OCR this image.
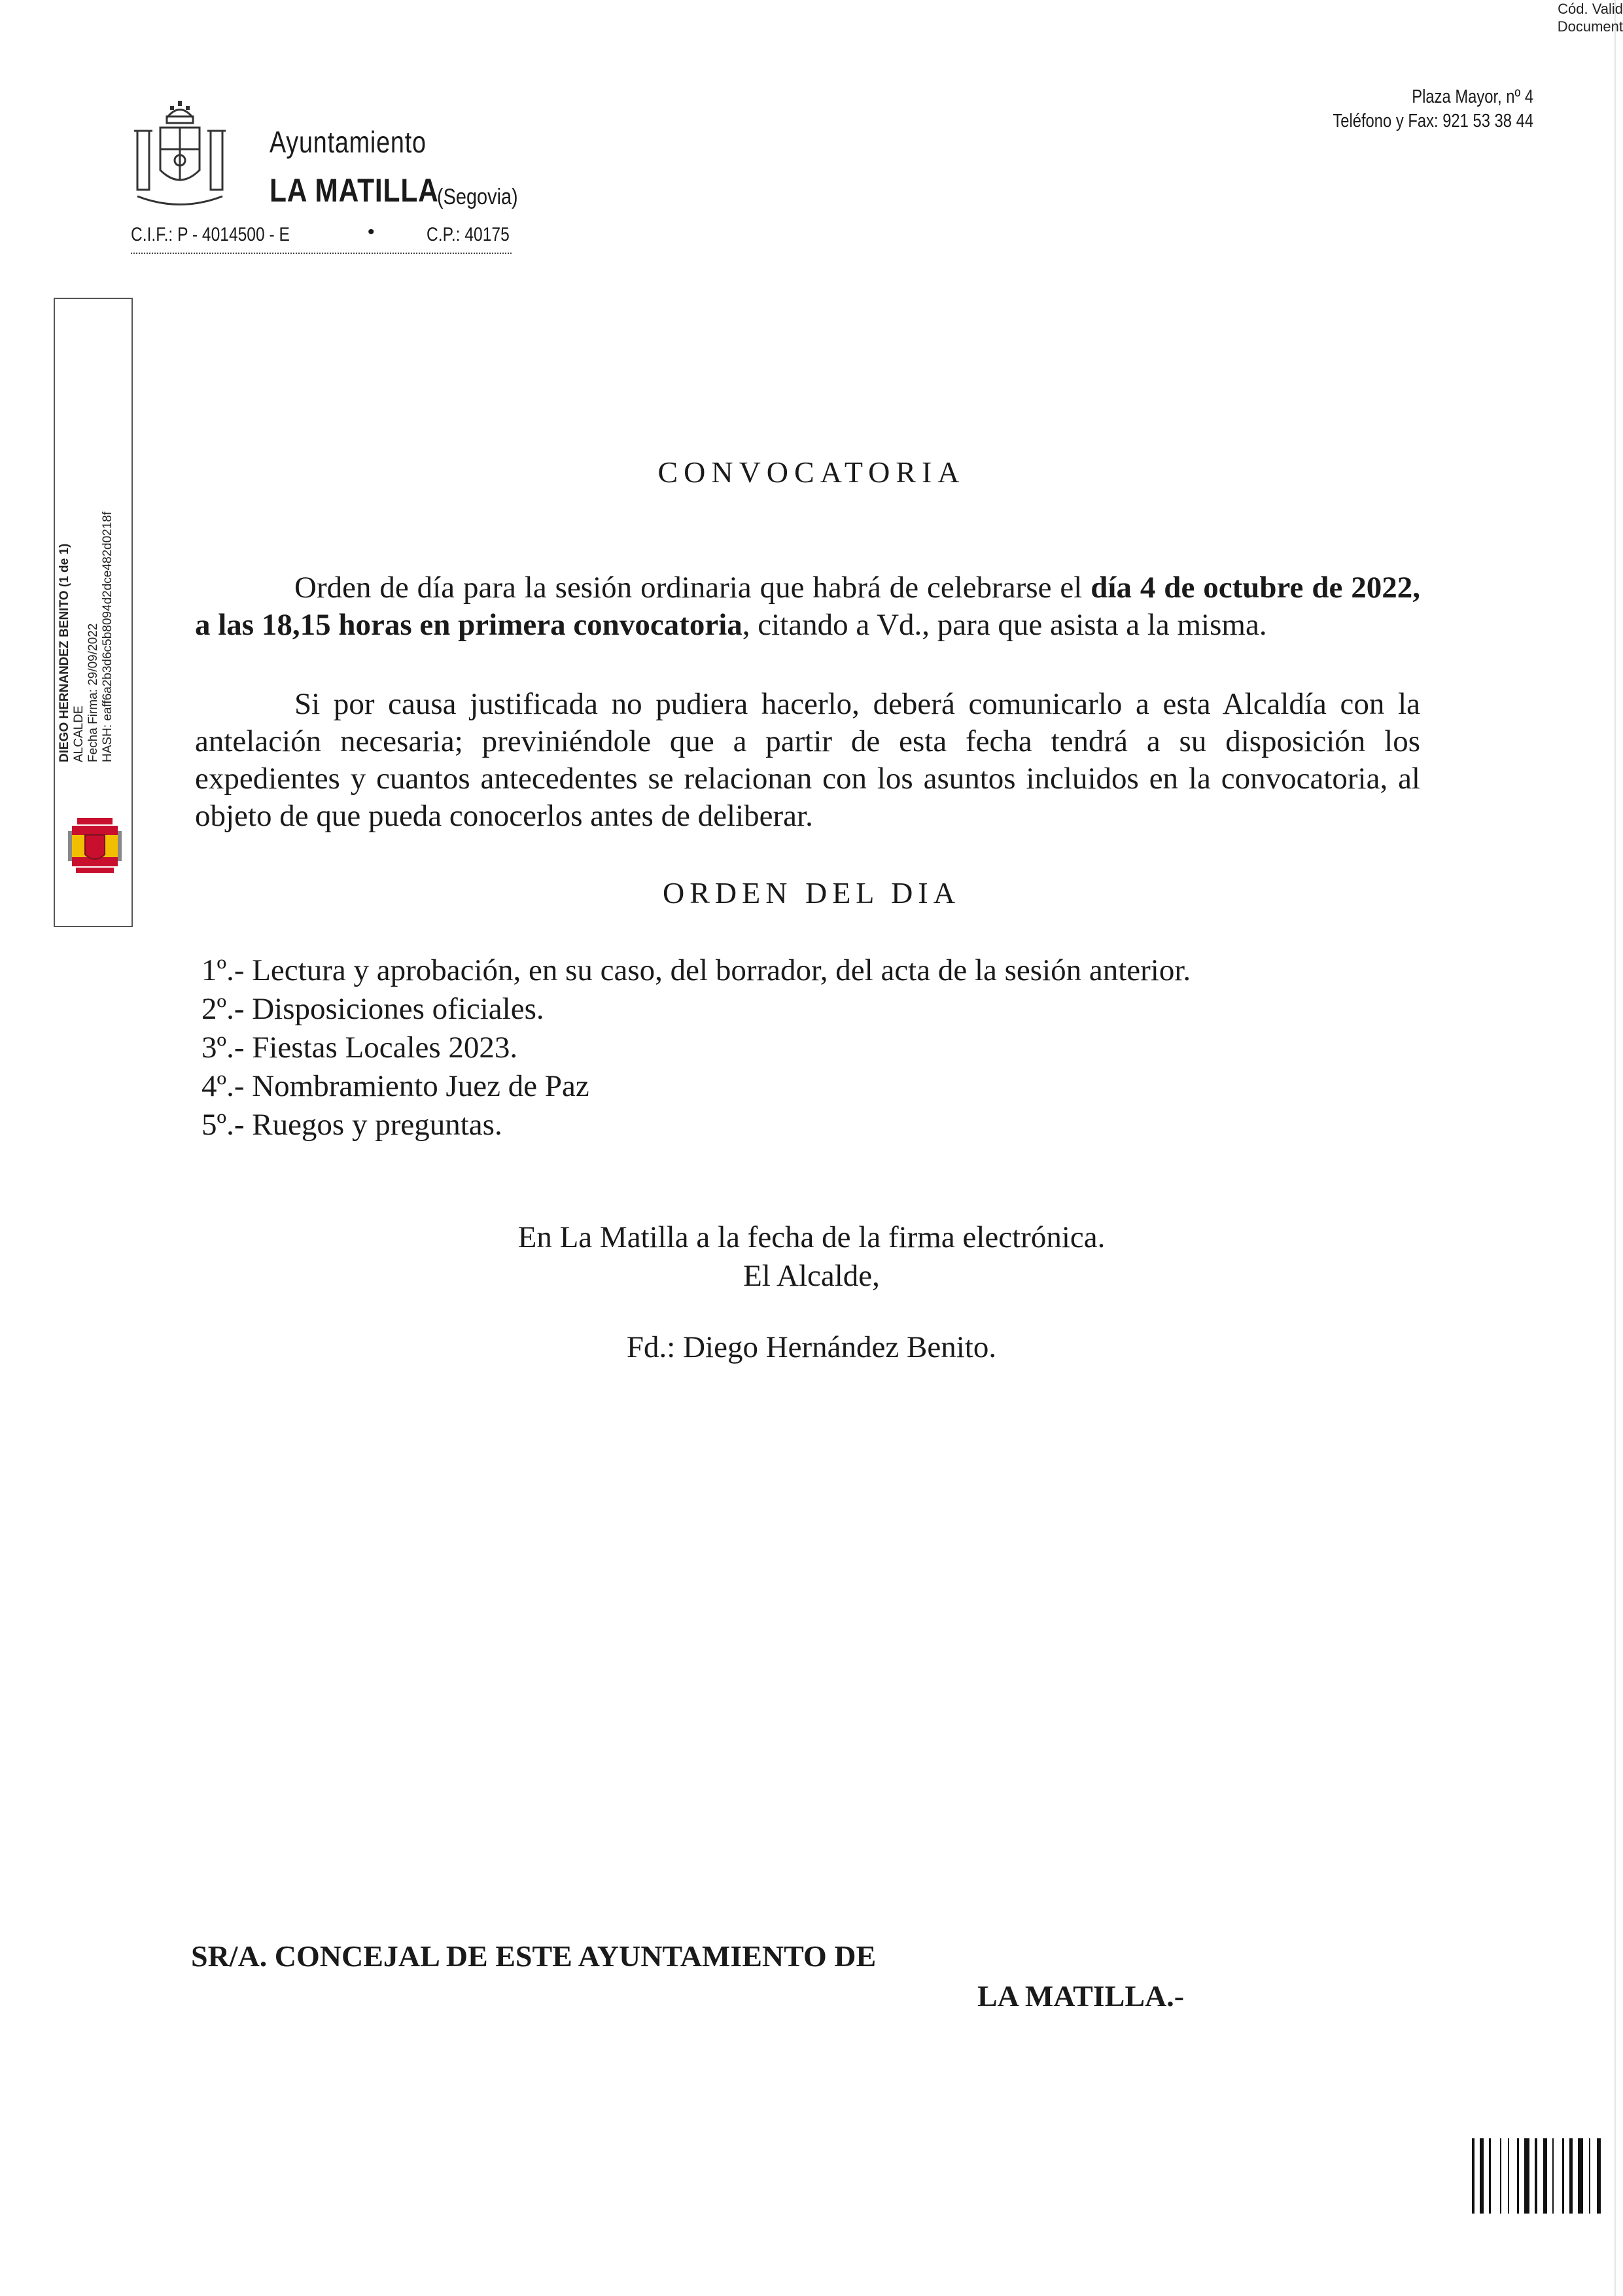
Cód. Valid
Document
Ayuntamiento
LA MATILLA
(Segovia)
C.I.F.: P - 4014500 - E	•	C.P.: 40175
Plaza Mayor, nº 4
Teléfono y Fax: 921 53 38 44
DIEGO HERNANDEZ BENITO (1 de 1) ALCALDE Fecha Firma: 29/09/2022 HASH: eaff6a2b3d6c5b8094d2dce482d0218f
CONVOCATORIA
Orden de día para la sesión ordinaria que habrá de celebrarse el día 4 de octubre de 2022, a las 18,15 horas en primera convocatoria, citando a Vd., para que asista a la misma.
Si por causa justificada no pudiera hacerlo, deberá comunicarlo a esta Alcaldía con la antelación necesaria; previniéndole que a partir de esta fecha tendrá a su disposición los expedientes y cuantos antecedentes se relacionan con los asuntos incluidos en la convocatoria, al objeto de que pueda conocerlos antes de deliberar.
ORDEN DEL DIA
1º.- Lectura y aprobación, en su caso, del borrador, del acta de la sesión anterior.
2º.- Disposiciones oficiales.
3º.- Fiestas Locales 2023.
4º.- Nombramiento Juez de Paz
5º.- Ruegos y preguntas.
En La Matilla a la fecha de la firma electrónica.
El Alcalde,
Fd.: Diego Hernández Benito.
SR/A. CONCEJAL DE ESTE AYUNTAMIENTO DE
LA MATILLA.-
